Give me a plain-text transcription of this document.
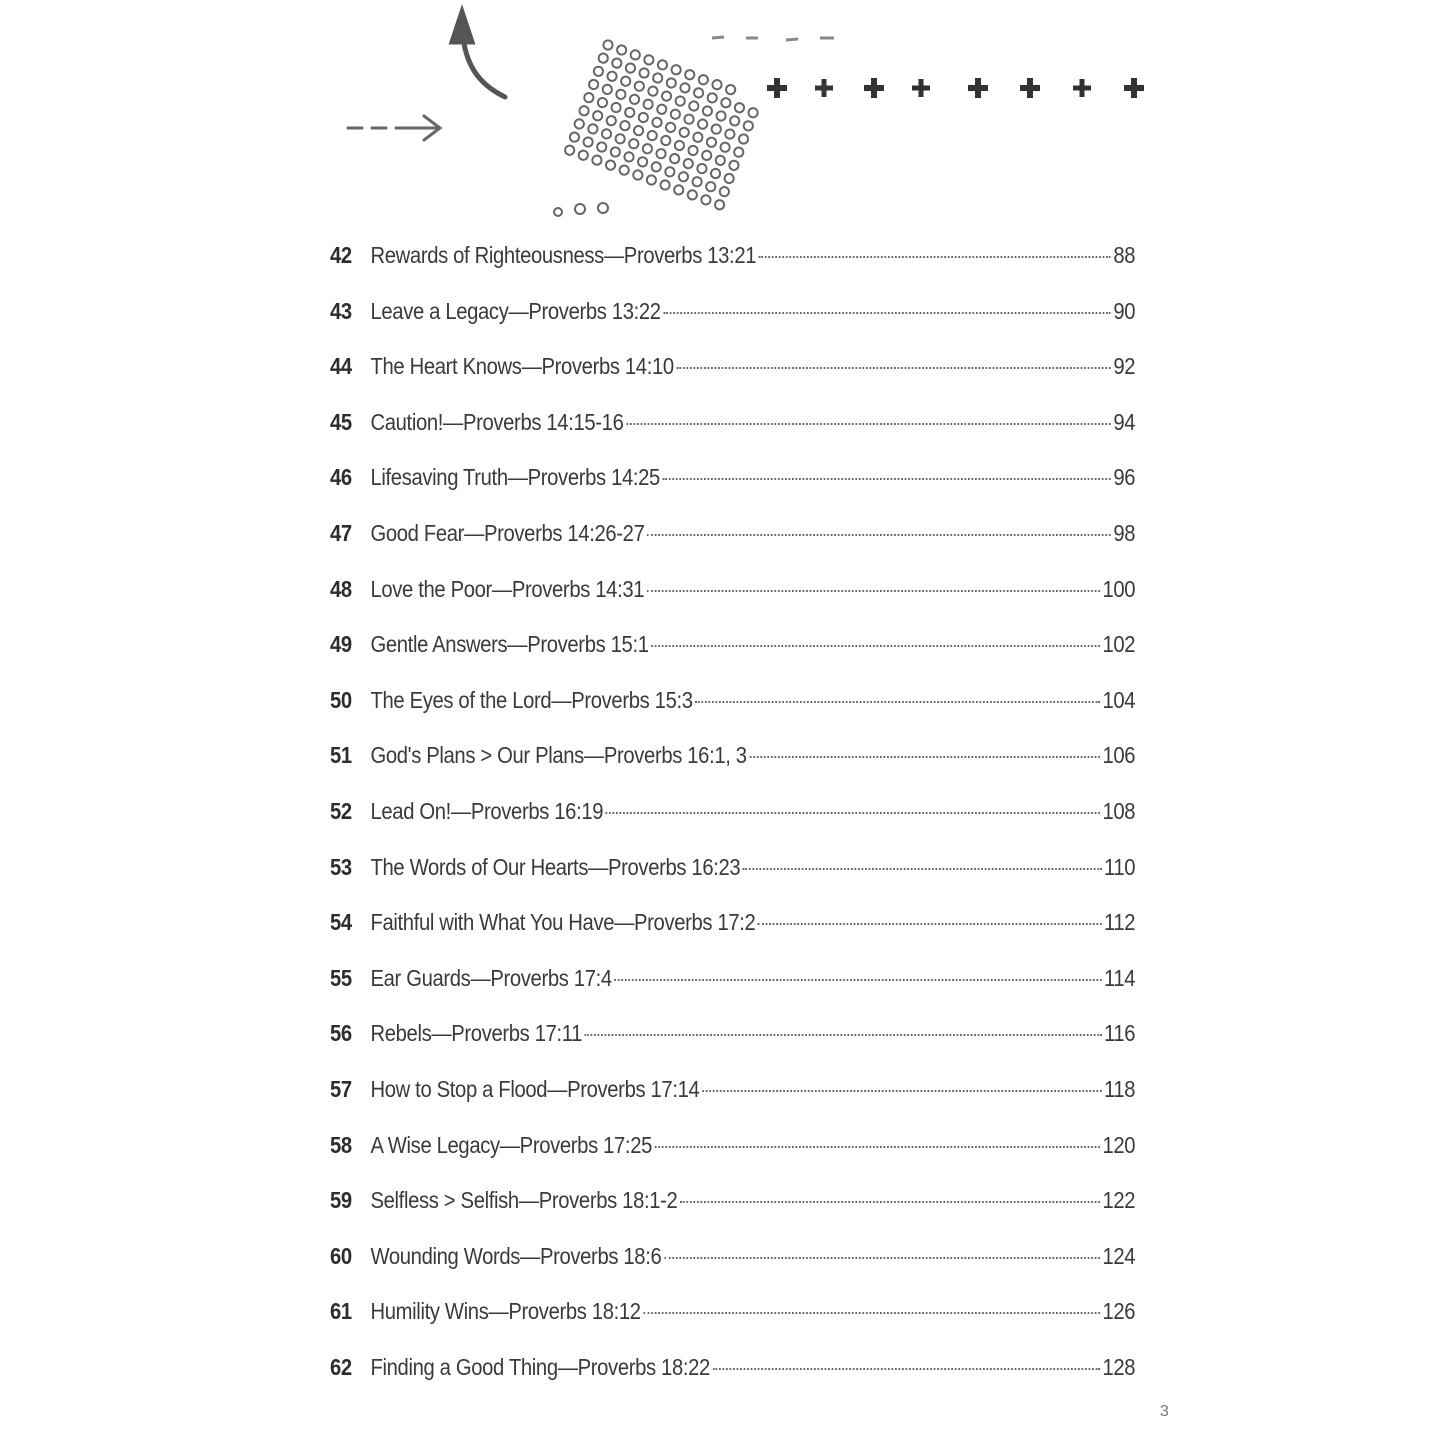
42 Rewards of Righteousness—Proverbs 13:21	88
43 Leave a Legacy—Proverbs 13:22	90
44 The Heart Knows—Proverbs 14:10	92
45 Caution!—Proverbs 14:15-16	94
46 Lifesaving Truth—Proverbs 14:25	96
47 Good Fear—Proverbs 14:26-27	98
48 Love the Poor—Proverbs 14:31	100
49 Gentle Answers—Proverbs 15:1	102
50 The Eyes of the Lord—Proverbs 15:3	104
51 God's Plans > Our Plans—Proverbs 16:1, 3	106
52 Lead On!—Proverbs 16:19	108
53 The Words of Our Hearts—Proverbs 16:23	110
54 Faithful with What You Have—Proverbs 17:2	112
55 Ear Guards—Proverbs 17:4	114
56 Rebels—Proverbs 17:11	116
57 How to Stop a Flood—Proverbs 17:14	118
58 A Wise Legacy—Proverbs 17:25	120
59 Selfless > Selfish—Proverbs 18:1-2	122
60 Wounding Words—Proverbs 18:6	124
61 Humility Wins—Proverbs 18:12	126
62 Finding a Good Thing—Proverbs 18:22	128
3
